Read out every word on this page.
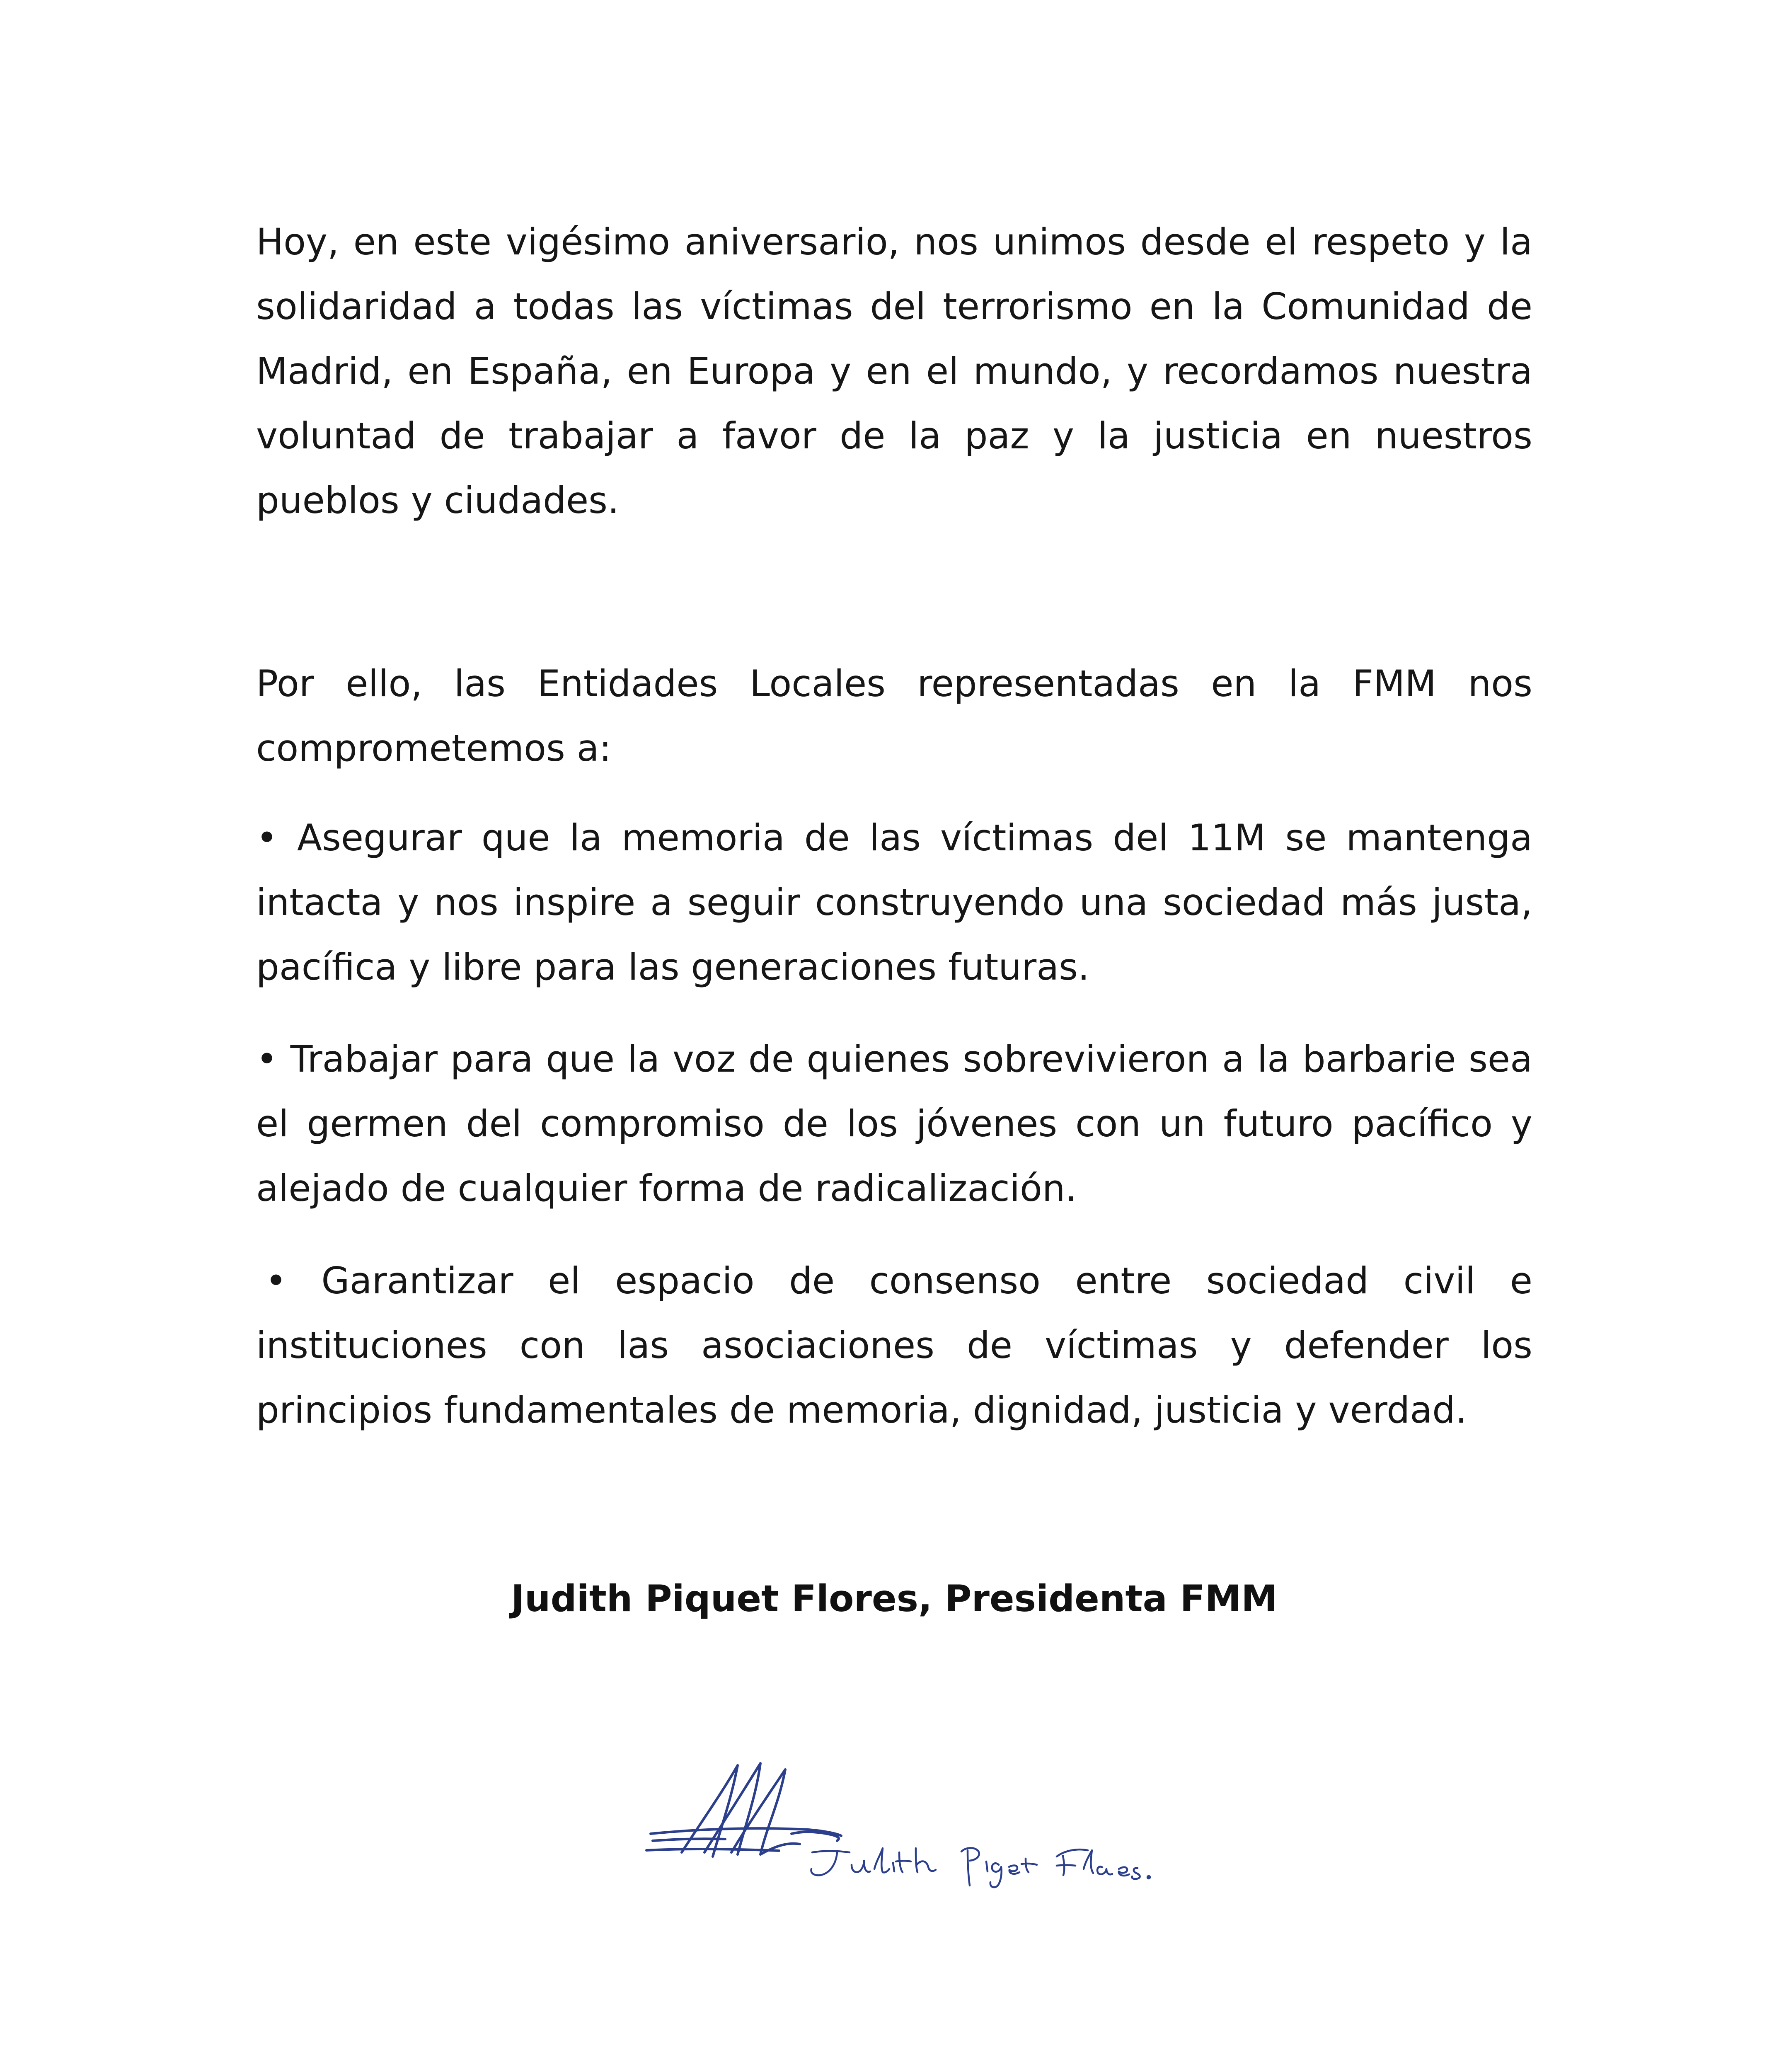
Hoy, en este vigésimo aniversario, nos unimos desde el respeto y la solidaridad a todas las víctimas del terrorismo en la Comunidad de Madrid, en España, en Europa y en el mundo, y recordamos nuestra voluntad de trabajar a favor de la paz y la justicia en nuestros pueblos y ciudades.

Por ello, las Entidades Locales representadas en la FMM nos comprometemos a:

• Asegurar que la memoria de las víctimas del 11M se mantenga intacta y nos inspire a seguir construyendo una sociedad más justa, pacífica y libre para las generaciones futuras.

• Trabajar para que la voz de quienes sobrevivieron a la barbarie sea el germen del compromiso de los jóvenes con un futuro pacífico y alejado de cualquier forma de radicalización.

• Garantizar el espacio de consenso entre sociedad civil e instituciones con las asociaciones de víctimas y defender los principios fundamentales de memoria, dignidad, justicia y verdad.

Judith Piquet Flores, Presidenta FMM
